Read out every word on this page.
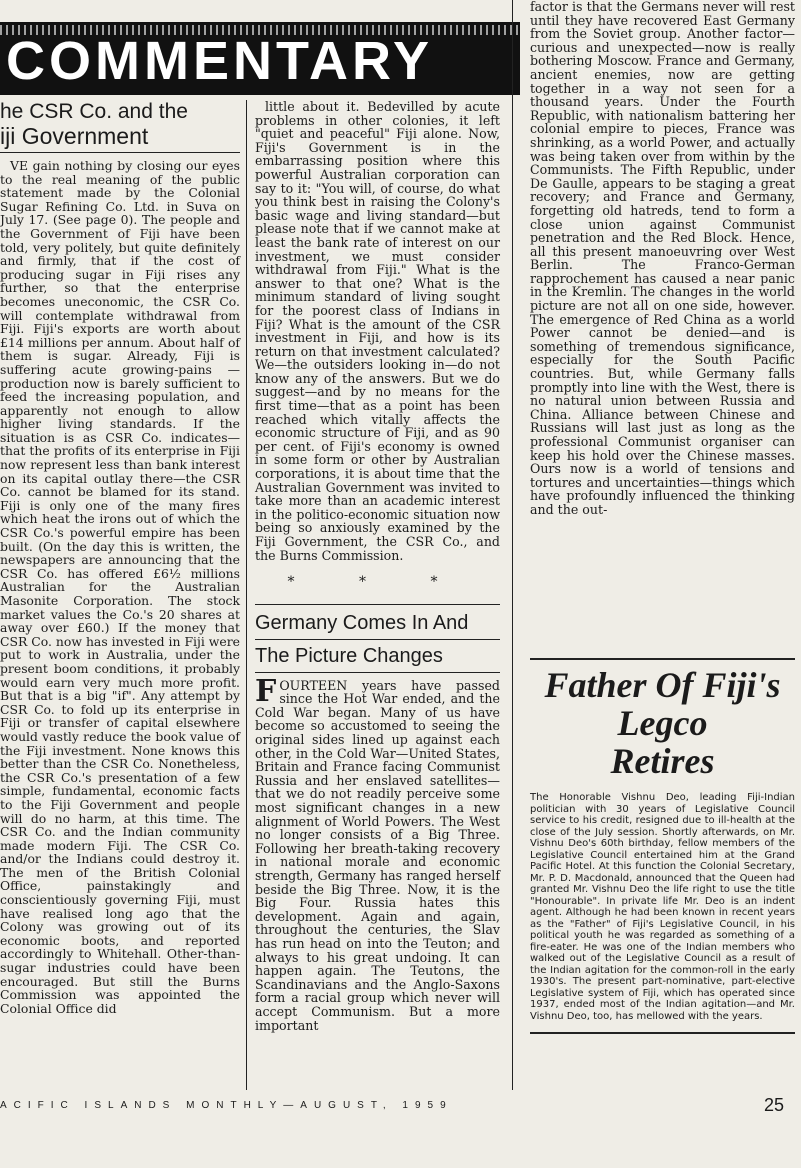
COMMENTARY
he CSR Co. and the
iji Government

VE gain nothing by closing our eyes to the real meaning of the public statement made by the Colonial Sugar Refining Co. Ltd. in Suva on July 17. (See page 0). The people and the Government of Fiji have been told, very politely, but quite definitely and firmly, that if the cost of producing sugar in Fiji rises any further, so that the enterprise becomes uneconomic, the CSR Co. will contemplate withdrawal from Fiji. Fiji's exports are worth about £14 millions per annum. About half of them is sugar. Already, Fiji is suffering acute growing-pains — production now is barely sufficient to feed the increasing population, and apparently not enough to allow higher living standards. If the situation is as CSR Co. indicates—that the profits of its enterprise in Fiji now represent less than bank interest on its capital outlay there—the CSR Co. cannot be blamed for its stand. Fiji is only one of the many fires which heat the irons out of which the CSR Co.'s powerful empire has been built. (On the day this is written, the newspapers are announcing that the CSR Co. has offered £6½ millions Australian for the Australian Masonite Corporation. The stock market values the Co.'s 20 shares at away over £60.) If the money that CSR Co. now has invested in Fiji were put to work in Australia, under the present boom conditions, it probably would earn very much more profit. But that is a big "if". Any attempt by CSR Co. to fold up its enterprise in Fiji or transfer of capital elsewhere would vastly reduce the book value of the Fiji investment. None knows this better than the CSR Co. Nonetheless, the CSR Co.'s presentation of a few simple, fundamental, economic facts to the Fiji Government and people will do no harm, at this time. The CSR Co. and the Indian community made modern Fiji. The CSR Co. and/or the Indians could destroy it. The men of the British Colonial Office, painstakingly and conscientiously governing Fiji, must have realised long ago that the Colony was growing out of its economic boots, and reported accordingly to Whitehall. Other-than-sugar industries could have been encouraged. But still the Burns Commission was appointed the Colonial Office did

little about it. Bedevilled by acute problems in other colonies, it left "quiet and peaceful" Fiji alone. Now, Fiji's Government is in the embarrassing position where this powerful Australian corporation can say to it: "You will, of course, do what you think best in raising the Colony's basic wage and living standard—but please note that if we cannot make at least the bank rate of interest on our investment, we must consider withdrawal from Fiji." What is the answer to that one? What is the minimum standard of living sought for the poorest class of Indians in Fiji? What is the amount of the CSR investment in Fiji, and how is its return on that investment calculated? We—the outsiders looking in—do not know any of the answers. But we do suggest—and by no means for the first time—that as a point has been reached which vitally affects the economic structure of Fiji, and as 90 per cent. of Fiji's economy is owned in some form or other by Australian corporations, it is about time that the Australian Government was invited to take more than an academic interest in the politico-economic situation now being so anxiously examined by the Fiji Government, the CSR Co., and the Burns Commission.

* * *
Germany Comes In And
The Picture Changes
F OURTEEN years have passed since the Hot War ended, and the Cold War began. Many of us have become so accustomed to seeing the original sides lined up against each other, in the Cold War—United States, Britain and France facing Communist Russia and her enslaved satellites—that we do not readily perceive some most significant changes in a new alignment of World Powers. The West no longer consists of a Big Three. Following her breath-taking recovery in national morale and economic strength, Germany has ranged herself beside the Big Three. Now, it is the Big Four. Russia hates this development. Again and again, throughout the centuries, the Slav has run head on into the Teuton; and always to his great undoing. It can happen again. The Teutons, the Scandinavians and the Anglo-Saxons form a racial group which never will accept Communism. But a more important

factor is that the Germans never will rest until they have recovered East Germany from the Soviet group. Another factor—curious and unexpected—now is really bothering Moscow. France and Germany, ancient enemies, now are getting together in a way not seen for a thousand years. Under the Fourth Republic, with nationalism battering her colonial empire to pieces, France was shrinking, as a world Power, and actually was being taken over from within by the Communists. The Fifth Republic, under De Gaulle, appears to be staging a great recovery; and France and Germany, forgetting old hatreds, tend to form a close union against Communist penetration and the Red Block. Hence, all this present manoeuvring over West Berlin. The Franco-German rapprochement has caused a near panic in the Kremlin. The changes in the world picture are not all on one side, however. The emergence of Red China as a world Power cannot be denied—and is something of tremendous significance, especially for the South Pacific countries. But, while Germany falls promptly into line with the West, there is no natural union between Russia and China. Alliance between Chinese and Russians will last just as long as the professional Communist organiser can keep his hold over the Chinese masses. Ours now is a world of tensions and tortures and uncertainties—things which have profoundly influenced the thinking and the out-

Father Of Fiji's Legco
Retires
The Honorable Vishnu Deo, leading Fiji-Indian politician with 30 years of Legislative Council service to his credit, resigned due to ill-health at the close of the July session. Shortly afterwards, on Mr. Vishnu Deo's 60th birthday, fellow members of the Legislative Council entertained him at the Grand Pacific Hotel. At this function the Colonial Secretary, Mr. P. D. Macdonald, announced that the Queen had granted Mr. Vishnu Deo the life right to use the title "Honourable". In private life Mr. Deo is an indent agent. Although he had been known in recent years as the "Father" of Fiji's Legislative Council, in his political youth he was regarded as something of a fire-eater. He was one of the Indian members who walked out of the Legislative Council as a result of the Indian agitation for the common-roll in the early 1930's. The present part-nominative, part-elective Legislative system of Fiji, which has operated since 1937, ended most of the Indian agitation—and Mr. Vishnu Deo, too, has mellowed with the years.
ACIFIC ISLANDS MONTHLY—AUGUST, 1959	25
